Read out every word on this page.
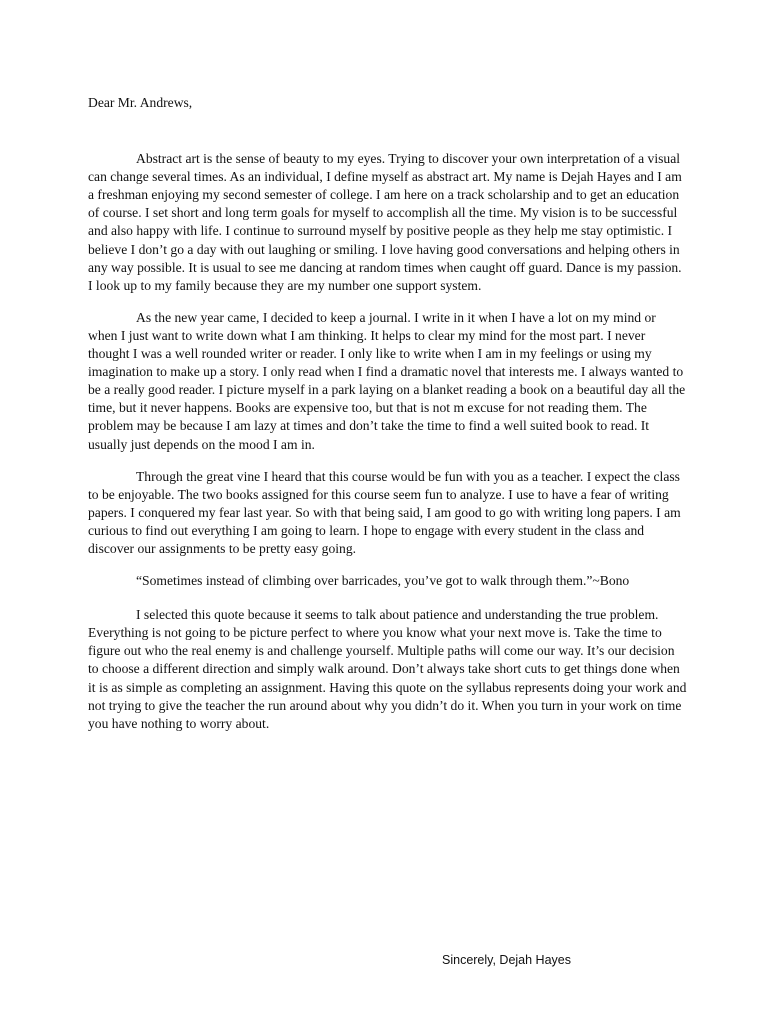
Dear Mr. Andrews,

Abstract art is the sense of beauty to my eyes. Trying to discover your own interpretation of a visual can change several times. As an individual, I define myself as abstract art. My name is Dejah Hayes and I am a freshman enjoying my second semester of college. I am here on a track scholarship and to get an education of course. I set short and long term goals for myself to accomplish all the time. My vision is to be successful and also happy with life. I continue to surround myself by positive people as they help me stay optimistic. I believe I don’t go a day with out laughing or smiling. I love having good conversations and helping others in any way possible. It is usual to see me dancing at random times when caught off guard. Dance is my passion. I look up to my family because they are my number one support system.

As the new year came, I decided to keep a journal. I write in it when I have a lot on my mind or when I just want to write down what I am thinking. It helps to clear my mind for the most part. I never thought I was a well rounded writer or reader. I only like to write when I am in my feelings or using my imagination to make up a story. I only read when I find a dramatic novel that interests me. I always wanted to be a really good reader. I picture myself in a park laying on a blanket reading a book on a beautiful day all the time, but it never happens. Books are expensive too, but that is not m excuse for not reading them. The problem may be because I am lazy at times and don’t take the time to find a well suited book to read. It usually just depends on the mood I am in.

Through the great vine I heard that this course would be fun with you as a teacher. I expect the class to be enjoyable. The two books assigned for this course seem fun to analyze. I use to have a fear of writing papers. I conquered my fear last year. So with that being said, I am good to go with writing long papers. I am curious to find out everything I am going to learn. I hope to engage with every student in the class and discover our assignments to be pretty easy going.

“Sometimes instead of climbing over barricades, you’ve got to walk through them.”~Bono

I selected this quote because it seems to talk about patience and understanding the true problem. Everything is not going to be picture perfect to where you know what your next move is. Take the time to figure out who the real enemy is and challenge yourself. Multiple paths will come our way. It’s our decision to choose a different direction and simply walk around. Don’t always take short cuts to get things done when it is as simple as completing an assignment. Having this quote on the syllabus represents doing your work and not trying to give the teacher the run around about why you didn’t do it. When you turn in your work on time you have nothing to worry about.

Sincerely, Dejah Hayes
